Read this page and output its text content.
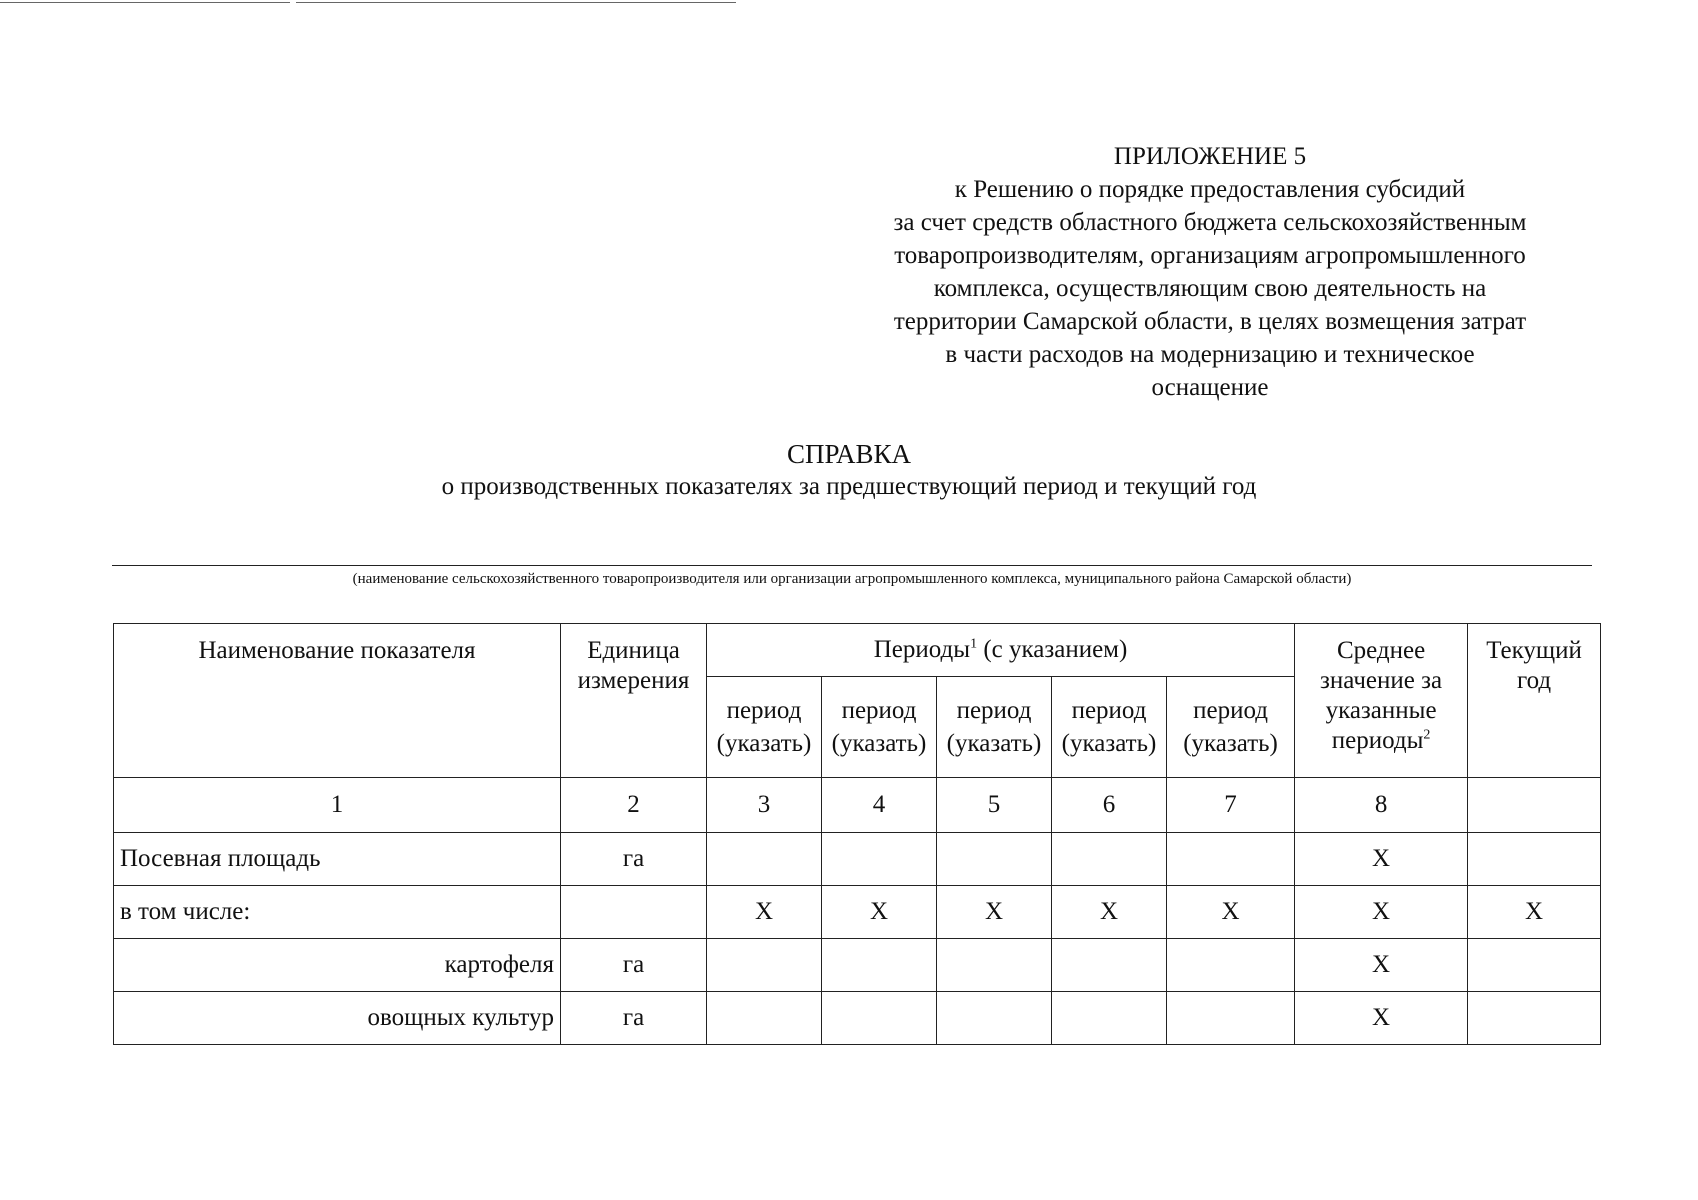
ПРИЛОЖЕНИЕ 5
к Решению о порядке предоставления субсидий
за счет средств областного бюджета сельскохозяйственным
товаропроизводителям, организациям агропромышленного
комплекса, осуществляющим свою деятельность на
территории Самарской области, в целях возмещения затрат
в части расходов на модернизацию и техническое
оснащение
СПРАВКА
о производственных показателях за предшествующий период и текущий год
(наименование сельскохозяйственного товаропроизводителя или организации агропромышленного комплекса, муниципального района Самарской области)
Наименование показателя	Единица измерения	Периоды$^1$ (с указанием)					Среднее значение за указанные периоды$^2$	Текущий год
		период (указать)	период (указать)	период (указать)	период (указать)	период (указать)		
1	2	3	4	5	6	7	8	
Посевная площадь	га						X	
в том числе:		X	X	X	X	X	X	X
картофеля	га						X	
овощных культур	га						X	
